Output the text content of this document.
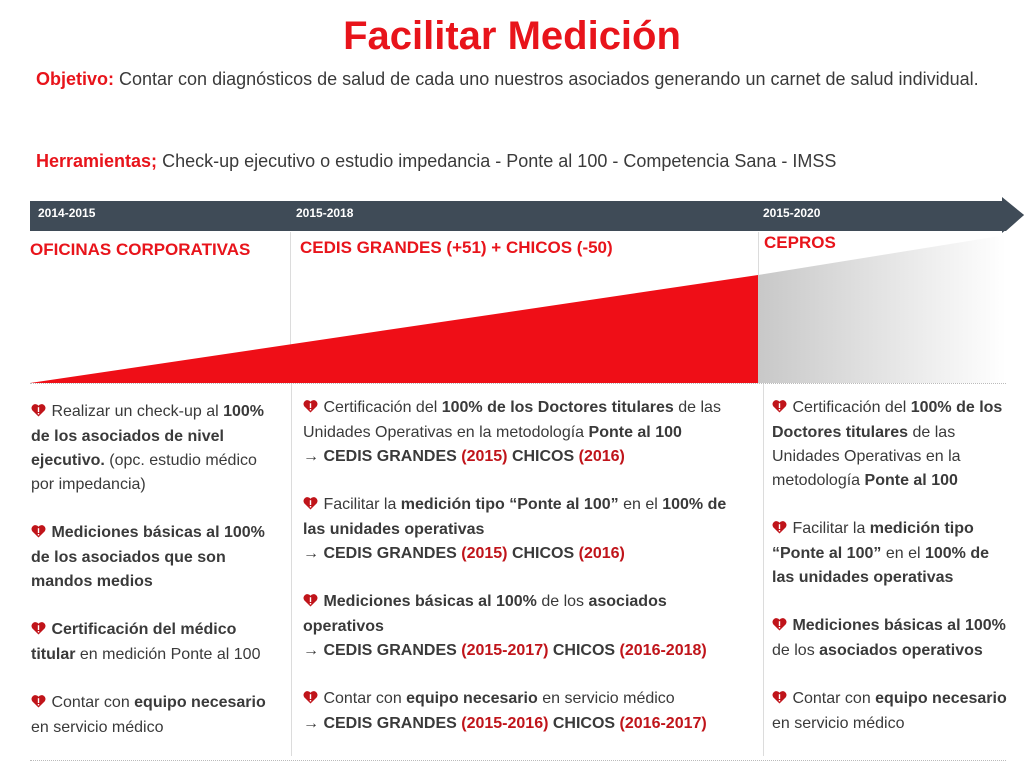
Facilitar Medición
Objetivo: Contar con diagnósticos de salud de cada uno nuestros asociados generando un carnet de salud individual.
Herramientas; Check-up ejecutivo o estudio impedancia - Ponte al 100 - Competencia Sana - IMSS
2014-2015	2015-2018	2015-2020
OFICINAS CORPORATIVAS	CEDIS GRANDES (+51) + CHICOS (-50)	CEPROS
Realizar un check-up al 100% de los asociados de nivel ejecutivo. (opc. estudio médico por impedancia)
Mediciones básicas al 100% de los asociados que son mandos medios
Certificación del médico titular en medición Ponte al 100
Contar con equipo necesario en servicio médico
Certificación del 100% de los Doctores titulares de las Unidades Operativas en la metodología Ponte al 100
→ CEDIS GRANDES (2015) CHICOS (2016)
Facilitar la medición tipo “Ponte al 100” en el 100% de las unidades operativas
→ CEDIS GRANDES (2015) CHICOS (2016)
Mediciones básicas al 100% de los asociados operativos
→ CEDIS GRANDES (2015-2017) CHICOS (2016-2018)
Contar con equipo necesario en servicio médico
→ CEDIS GRANDES (2015-2016) CHICOS (2016-2017)
Certificación del 100% de los Doctores titulares de las Unidades Operativas en la metodología Ponte al 100
Facilitar la medición tipo “Ponte al 100” en el 100% de las unidades operativas
Mediciones básicas al 100% de los asociados operativos
Contar con equipo necesario en servicio médico
